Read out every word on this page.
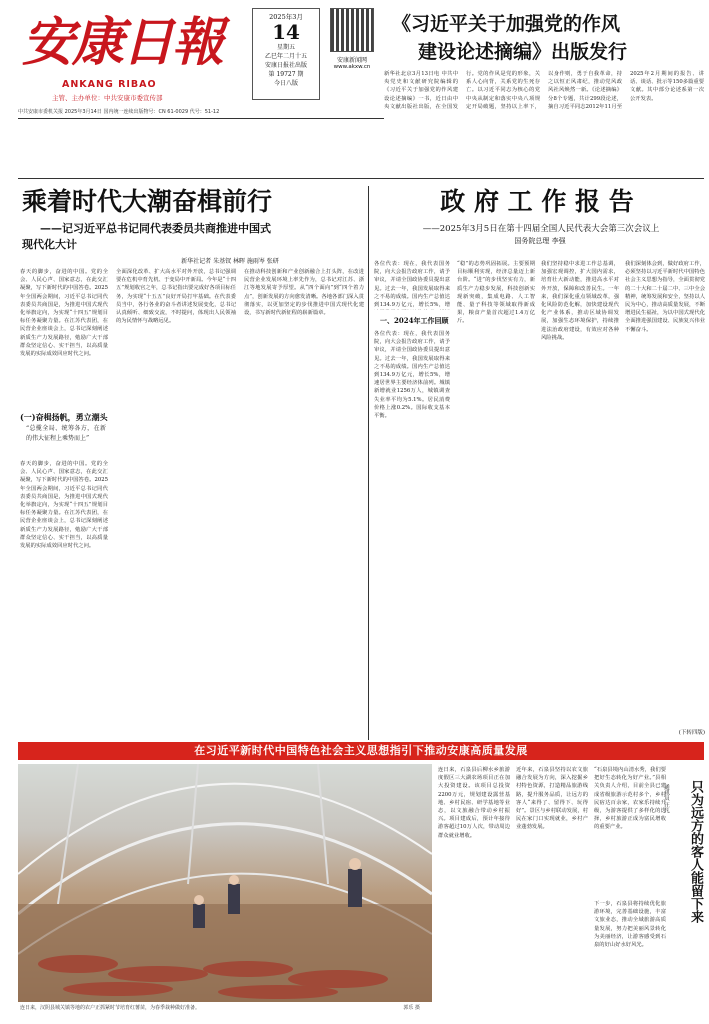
安康日報
ANKANG RIBAO
主管、主办单位：中共安康市委宣传部
2025年3月
14
星期五
乙巳年二月十五
安康日报社出版
第 19727 期
今日八版
安康新闻网
www.akxw.cn
《习近平关于加强党的作风
建设论述摘编》出版发行
新华社北京3月13日电 中共中央党史和文献研究院编辑的《习近平关于加强党的作风建设论述摘编》一书，近日由中央文献出版社出版，在全国发行。党的作风是党的形象，关系人心向背，关系党的生死存亡。以习近平同志为核心的党中央从制定和落实中央八项规定开局破题，坚持以上率下，以身作则，勇于自我革命，持之以恒正风肃纪，推动党风政风社风焕然一新。《论述摘编》分8个专题，共计299段论述，摘自习近平同志2012年11月至2025年2月期间的报告、讲话、谈话、批示等150多篇重要文献。其中部分论述系第一次公开发表。
中共安康市委机关报 2025年3月14日 国内统一连续出版物号：CN 61-0029 代号：51-12
乘着时代大潮奋楫前行
——记习近平总书记同代表委员共商推进中国式
现代化大计
新华社记者 朱基钗 林晖 施雨岑 张研
春天的脚步，奋进的中国。党的全会、人民心声、国家意志，在此交汇凝聚，写下新时代的中国答卷。2025年全国两会期间，习近平总书记同代表委员共商国是，为推进中国式现代化举旗定向，为实现“十四五”规划目标任务凝聚力量。在江苏代表团，在民营企业座谈会上，总书记深刻阐述新质生产力发展路径，勉励广大干部群众坚定信心、实干担当，以高质量发展的实际成效回应时代之问。
(一)奋楫扬帆，勇立潮头
“总揽全局、统筹各方，在新的伟大征程上乘势而上”
春天的脚步，奋进的中国。党的全会、人民心声、国家意志，在此交汇凝聚，写下新时代的中国答卷。2025年全国两会期间，习近平总书记同代表委员共商国是，为推进中国式现代化举旗定向，为实现“十四五”规划目标任务凝聚力量。在江苏代表团，在民营企业座谈会上，总书记深刻阐述新质生产力发展路径，勉励广大干部群众坚定信心、实干担当，以高质量发展的实际成效回应时代之问。
全面深化改革、扩大高水平对外开放，总书记强调要在危机中育先机、于变局中开新局。今年是“十四五”规划收官之年，总书记指出要完成好各项目标任务，为实现“十五五”良好开局打牢基础。在代表委员当中，各行各业的奋斗者讲述发展变化，总书记认真倾听、细致交流，不时提问，体现出人民领袖的为民情怀与战略远见。
在推动科技创新和产业创新融合上打头阵，在改进民营企业发展环境上率先作为，总书记对江苏、浙江等地发展寄予厚望。从“四个面向”到“四个着力点”，创新发展的方向愈发清晰。各地各部门深入贯彻落实，以更加坚定的步伐推进中国式现代化建设，书写新时代新征程的崭新篇章。
政 府 工 作 报 告
——2025年3月5日在第十四届全国人民代表大会第三次会议上
国务院总理 李强
各位代表：现在，我代表国务院，向大会报告政府工作，请予审议，并请全国政协委员提出意见。过去一年，我国发展取得来之不易的成绩。国内生产总值达到134.9万亿元，增长5%，增
一、2024年工作回顾
各位代表：现在，我代表国务院，向大会报告政府工作，请予审议，并请全国政协委员提出意见。过去一年，我国发展取得来之不易的成绩。国内生产总值达到134.9万亿元，增长5%，增速居世界主要经济体前列。城镇新增就业1256万人，城镇调查失业率平均为5.1%。居民消费价格上涨0.2%。国际收支基本平衡。
“稳”的态势巩固拓展。主要预期目标顺利实现，经济总量迈上新台阶。“进”的步伐坚实有力，新质生产力稳步发展，科技创新实现新突破，集成电路、人工智能、量子科技等领域取得新成果，粮食产量首次超过1.4万亿斤。
我们坚持稳中求进工作总基调，加强宏观调控，扩大国内需求，培育壮大新动能，推进高水平对外开放，保障和改善民生。一年来，我们深化重点领域改革，强化风险防范化解，加快建设现代化产业体系，推动区域协调发展，加强生态环境保护，持续推进法治政府建设，有效应对各种风险挑战。
我们深刻体会到，做好政府工作，必须坚持以习近平新时代中国特色社会主义思想为指导，全面贯彻党的二十大和二十届二中、三中全会精神，统筹发展和安全，坚持以人民为中心，推动高质量发展，不断增进民生福祉，为以中国式现代化全面推进强国建设、民族复兴伟业不懈奋斗。
(下转四版)
在习近平新时代中国特色社会主义思想指引下推动安康高质量发展
连日来，汉阴县城关镇等地的农户正抓紧时节培育红薯苗，为春季栽种做好准备。	郭乐 摄
连日来，石泉县后柳水乡旅游度假区三大湖农场项目正在加大投资建设。该项目总投资2200万元，规划建设露营基地、乡村民宿、研学基地等业态，以文旅融合带动乡村振兴。项目建成后，预计年接待游客超过10万人次，带动周边群众就业增收。
近年来，石泉县坚持以农文旅融合发展为方向，深入挖掘乡村特色资源，打造精品旅游线路，提升服务品质，让远方的客人“来得了、留得下、玩得好”。景区与乡村联动发展，村民在家门口实现就业，乡村产业蓬勃发展。
“石泉县境内山清水秀，我们要把好生态转化为好产业。”县相关负责人介绍，目前全县已建成省级旅游示范村多个，乡村民宿达百余家，农家乐持续升级，为游客提供了多样化的选择，乡村旅游正成为富民增收的重要产业。
下一步，石泉县将持续优化旅游环境，完善基础设施，丰富文旅业态，推动全域旅游高质量发展，努力把美丽风景转化为美丽经济，让游客感受到石泉的好山好水好风光。
只为远方的客人能留下来
通讯员 汪凡
